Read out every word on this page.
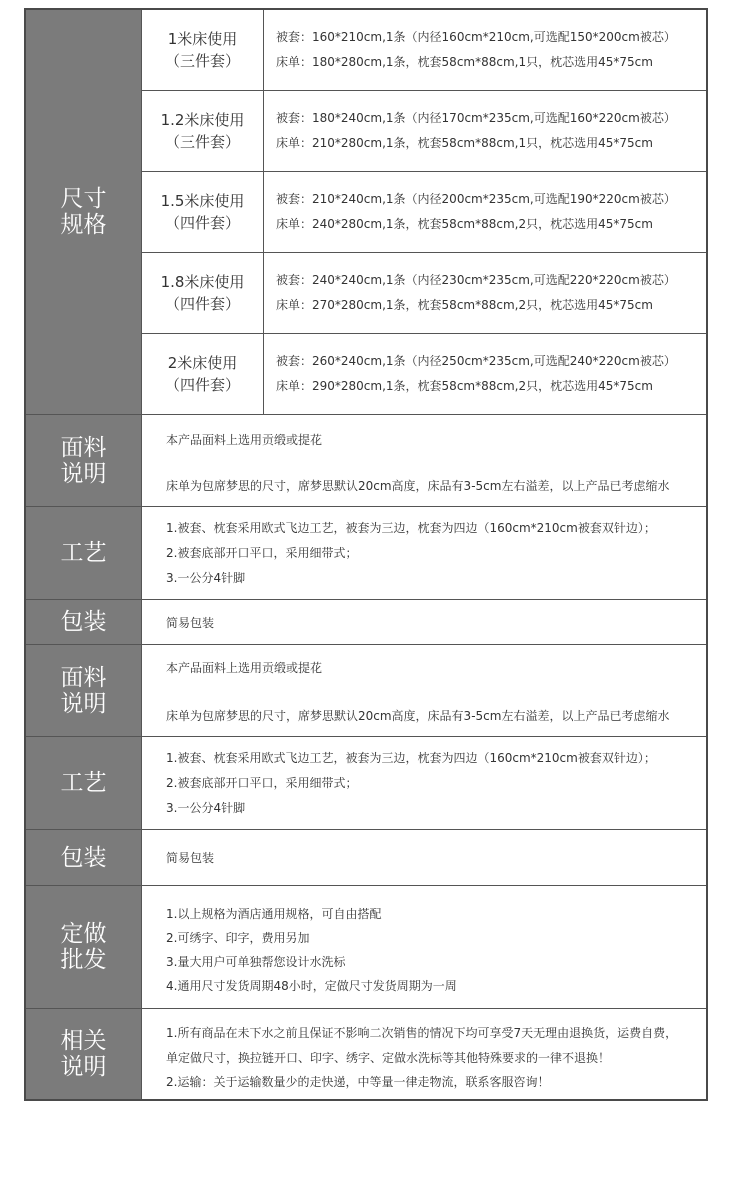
尺寸
规格
1米床使用
（三件套）
被套：160*210cm,1条（内径160cm*210cm,可选配150*200cm被芯）
床单：180*280cm,1条，枕套58cm*88cm,1只，枕芯选用45*75cm
1.2米床使用
（三件套）
被套：180*240cm,1条（内径170cm*235cm,可选配160*220cm被芯）
床单：210*280cm,1条，枕套58cm*88cm,1只，枕芯选用45*75cm
1.5米床使用
（四件套）
被套：210*240cm,1条（内径200cm*235cm,可选配190*220cm被芯）
床单：240*280cm,1条，枕套58cm*88cm,2只，枕芯选用45*75cm
1.8米床使用
（四件套）
被套：240*240cm,1条（内径230cm*235cm,可选配220*220cm被芯）
床单：270*280cm,1条，枕套58cm*88cm,2只，枕芯选用45*75cm
2米床使用
（四件套）
被套：260*240cm,1条（内径250cm*235cm,可选配240*220cm被芯）
床单：290*280cm,1条，枕套58cm*88cm,2只，枕芯选用45*75cm
面料
说明
本产品面料上选用贡缎或提花
床单为包席梦思的尺寸，席梦思默认20cm高度，床品有3-5cm左右溢差，以上产品已考虑缩水
工艺
1.被套、枕套采用欧式飞边工艺，被套为三边，枕套为四边（160cm*210cm被套双针边）；
2.被套底部开口平口，采用细带式；
3.一公分4针脚
包装	简易包装
面料
说明
本产品面料上选用贡缎或提花
床单为包席梦思的尺寸，席梦思默认20cm高度，床品有3-5cm左右溢差，以上产品已考虑缩水
工艺
1.被套、枕套采用欧式飞边工艺，被套为三边，枕套为四边（160cm*210cm被套双针边）；
2.被套底部开口平口，采用细带式；
3.一公分4针脚
包装	简易包装
定做
批发
1.以上规格为酒店通用规格，可自由搭配
2.可绣字、印字，费用另加
3.量大用户可单独帮您设计水洗标
4.通用尺寸发货周期48小时，定做尺寸发货周期为一周
相关
说明
1.所有商品在未下水之前且保证不影响二次销售的情况下均可享受7天无理由退换货，运费自费，
单定做尺寸，换拉链开口、印字、绣字、定做水洗标等其他特殊要求的一律不退换！
2.运输：关于运输数量少的走快递，中等量一律走物流，联系客服咨询！
